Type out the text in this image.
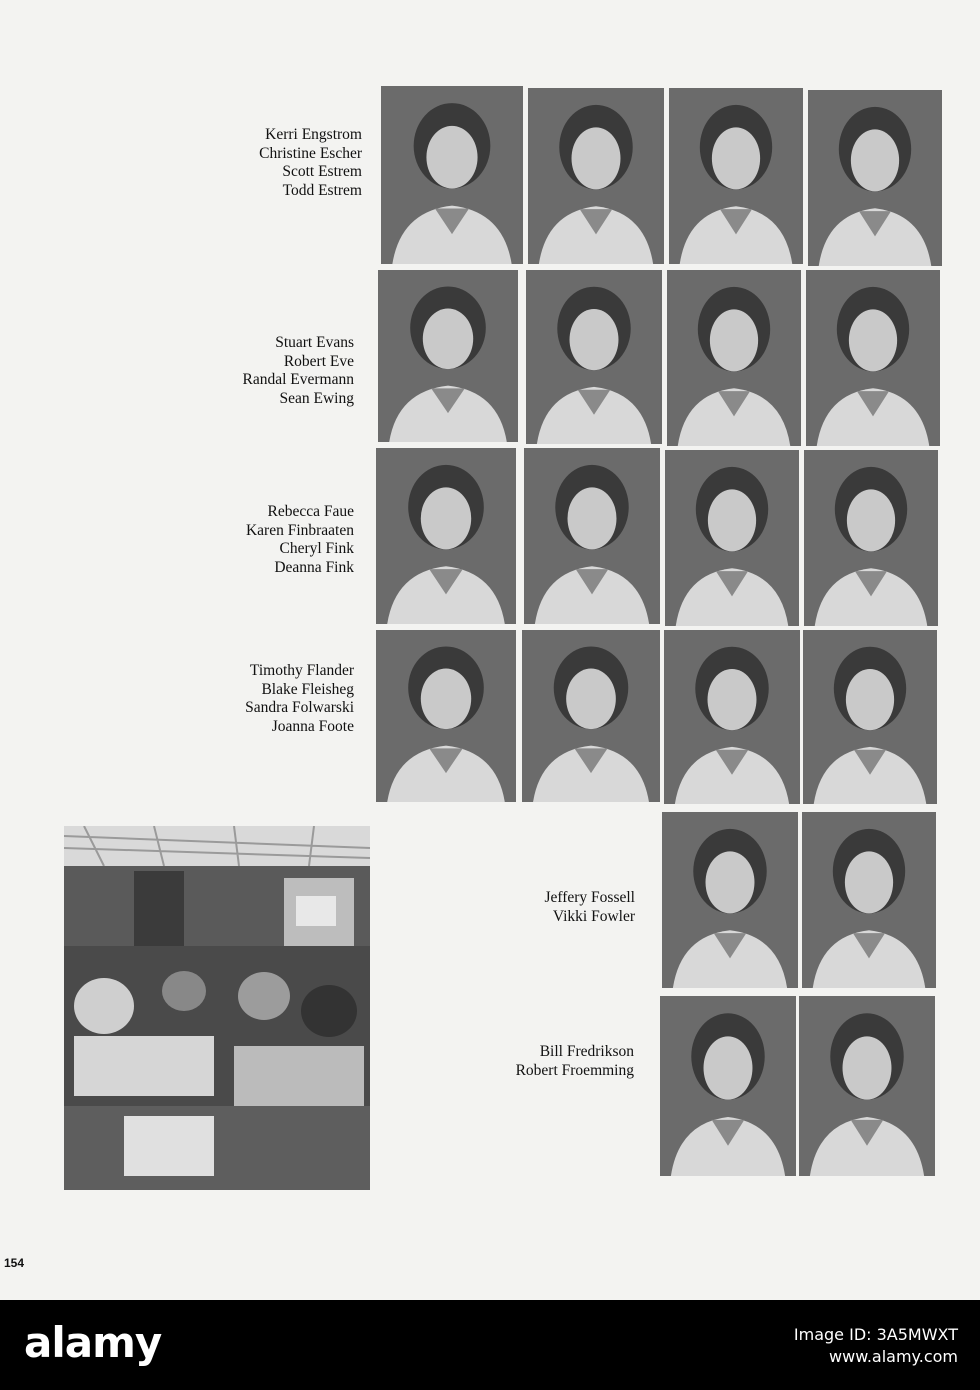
Kerri Engstrom
Christine Escher
Scott Estrem
Todd Estrem
Stuart Evans
Robert Eve
Randal Evermann
Sean Ewing
Rebecca Faue
Karen Finbraaten
Cheryl Fink
Deanna Fink
Timothy Flander
Blake Fleisheg
Sandra Folwarski
Joanna Foote
Jeffery Fossell
Vikki Fowler
Bill Fredrikson
Robert Froemming
154
alamy	Image ID: 3A5MWXT
www.alamy.com
